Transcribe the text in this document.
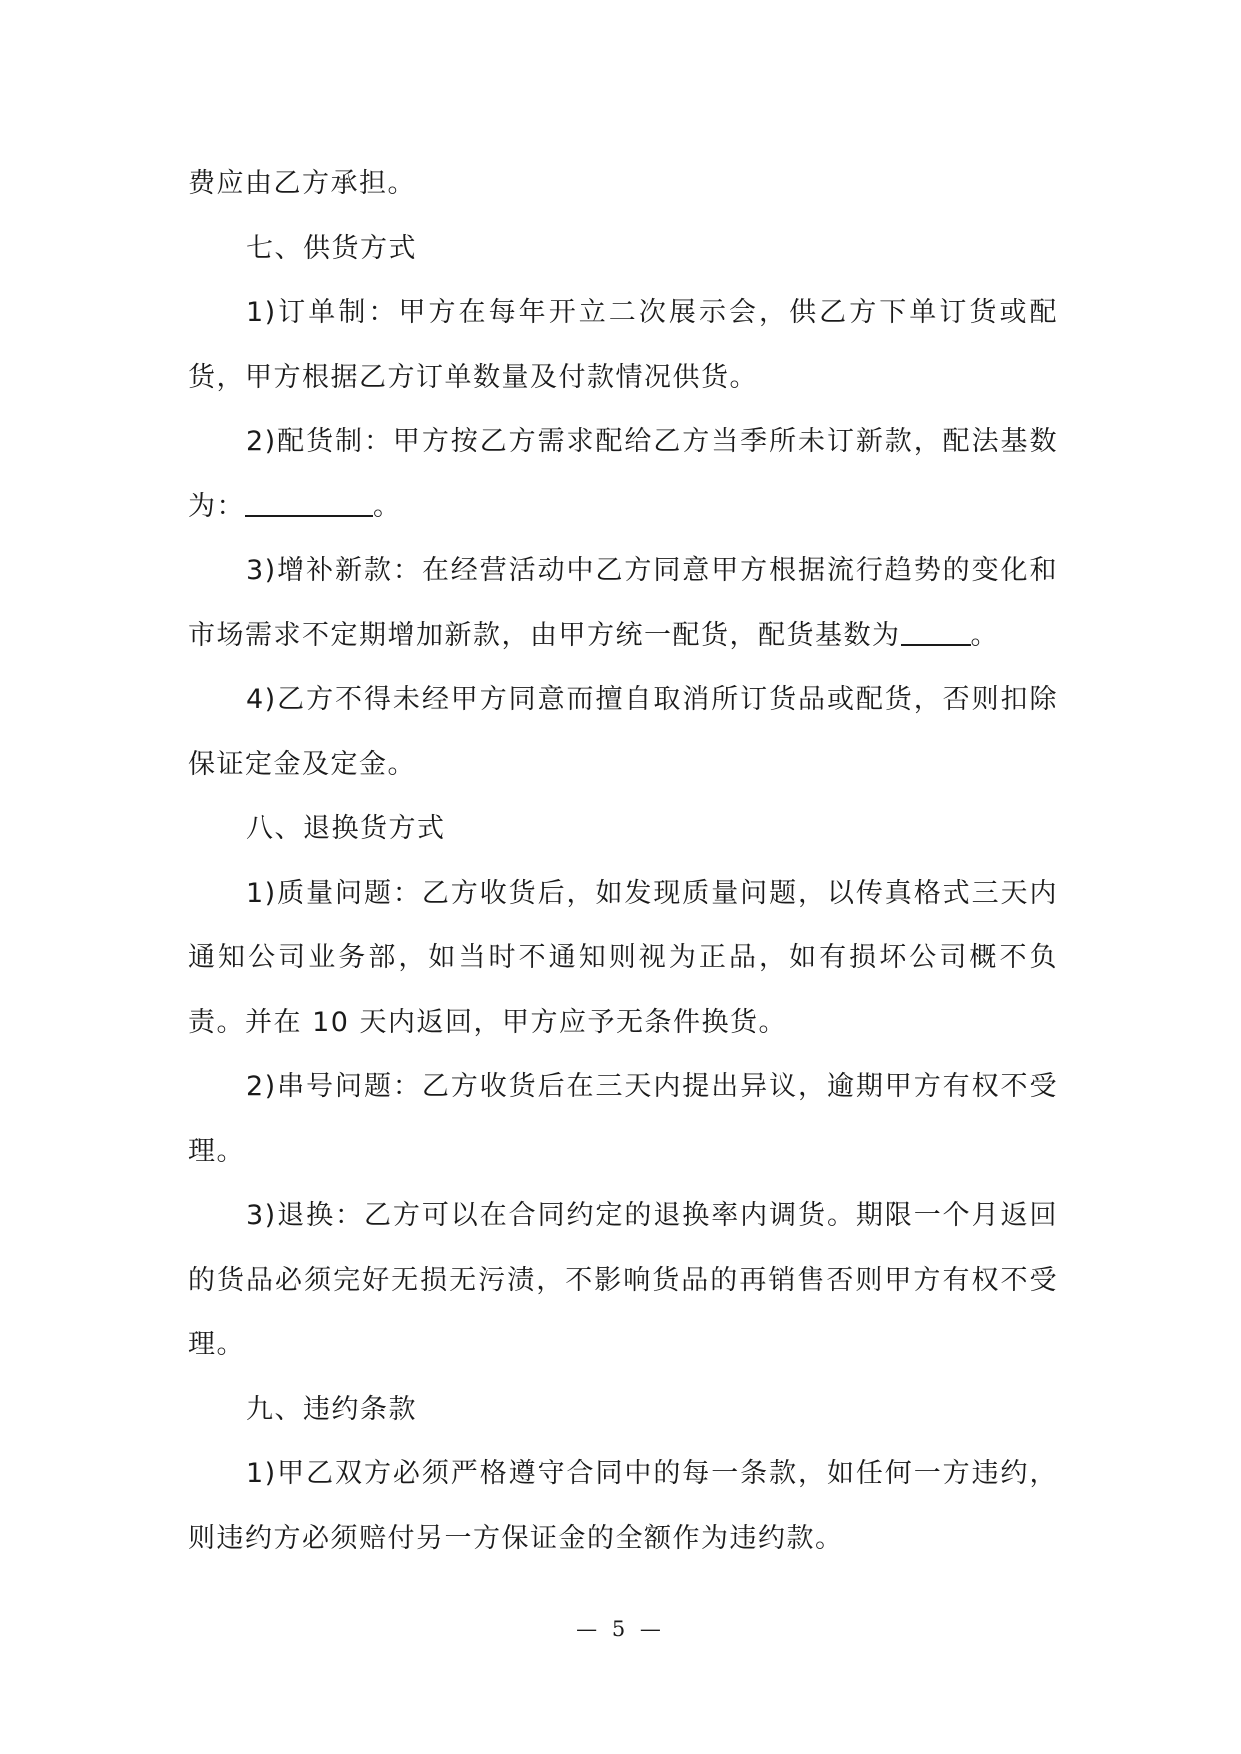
费应由乙方承担。

七、供货方式

1)订单制：甲方在每年开立二次展示会，供乙方下单订货或配货，甲方根据乙方订单数量及付款情况供货。

2)配货制：甲方按乙方需求配给乙方当季所未订新款，配法基数为：	。

3)增补新款：在经营活动中乙方同意甲方根据流行趋势的变化和市场需求不定期增加新款，由甲方统一配货，配货基数为	。

4)乙方不得未经甲方同意而擅自取消所订货品或配货，否则扣除保证定金及定金。

八、退换货方式

1)质量问题：乙方收货后，如发现质量问题，以传真格式三天内通知公司业务部，如当时不通知则视为正品，如有损坏公司概不负责。并在 10 天内返回，甲方应予无条件换货。

2)串号问题：乙方收货后在三天内提出异议，逾期甲方有权不受理。

3)退换：乙方可以在合同约定的退换率内调货。期限一个月返回的货品必须完好无损无污渍，不影响货品的再销售否则甲方有权不受理。

九、违约条款

1)甲乙双方必须严格遵守合同中的每一条款，如任何一方违约，则违约方必须赔付另一方保证金的全额作为违约款。

— 5 —
